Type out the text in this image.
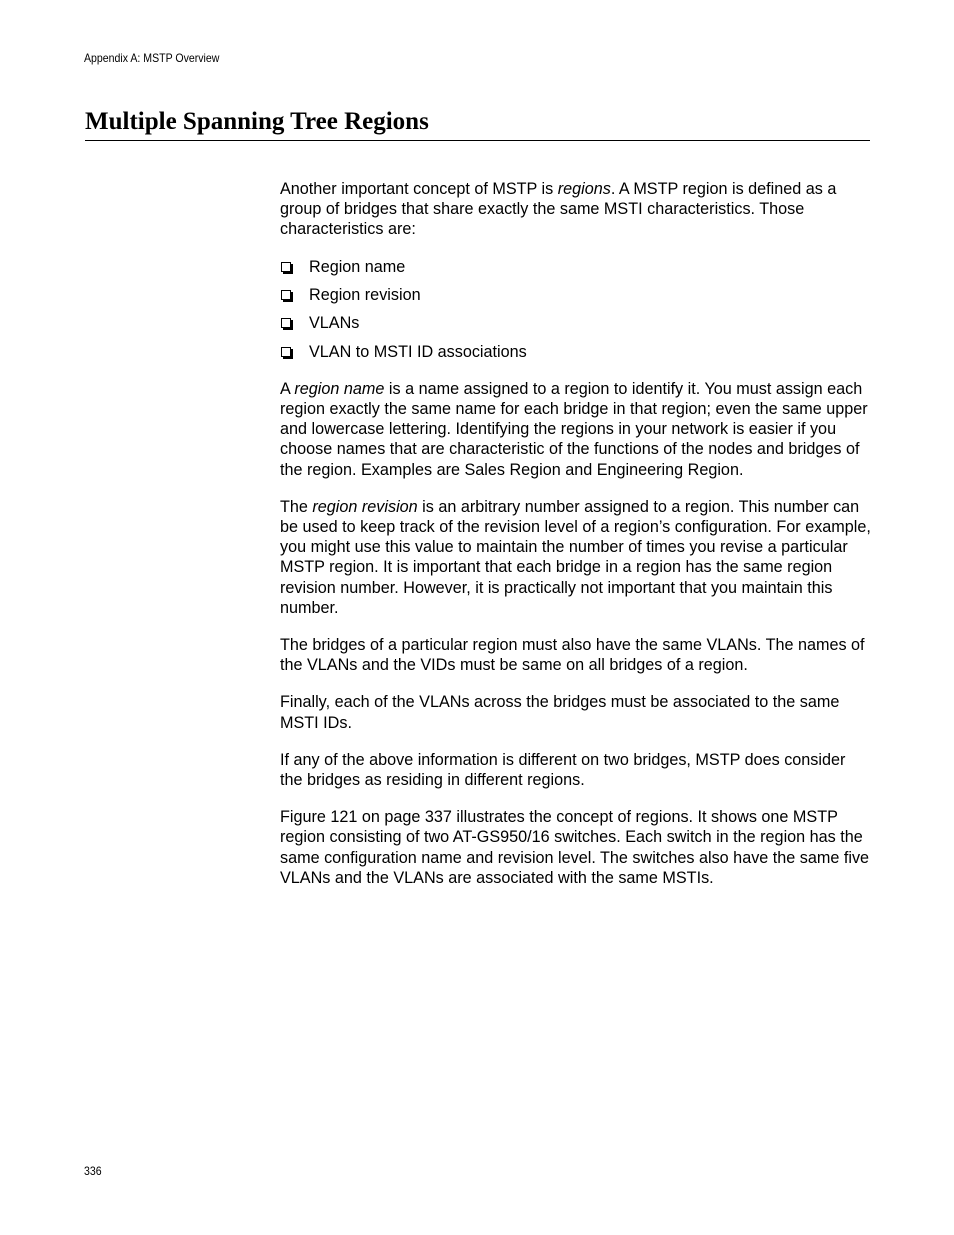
Appendix A: MSTP Overview
Multiple Spanning Tree Regions

Another important concept of MSTP is regions. A MSTP region is defined as a group of bridges that share exactly the same MSTI characteristics. Those characteristics are:

Region name
Region revision
VLANs
VLAN to MSTI ID associations

A region name is a name assigned to a region to identify it. You must assign each region exactly the same name for each bridge in that region; even the same upper and lowercase lettering. Identifying the regions in your network is easier if you choose names that are characteristic of the functions of the nodes and bridges of the region. Examples are Sales Region and Engineering Region.

The region revision is an arbitrary number assigned to a region. This number can be used to keep track of the revision level of a region’s configuration. For example, you might use this value to maintain the number of times you revise a particular MSTP region. It is important that each bridge in a region has the same region revision number. However, it is practically not important that you maintain this number.

The bridges of a particular region must also have the same VLANs. The names of the VLANs and the VIDs must be same on all bridges of a region.

Finally, each of the VLANs across the bridges must be associated to the same MSTI IDs.

If any of the above information is different on two bridges, MSTP does consider the bridges as residing in different regions.

Figure 121 on page 337 illustrates the concept of regions. It shows one MSTP region consisting of two AT-GS950/16 switches. Each switch in the region has the same configuration name and revision level. The switches also have the same five VLANs and the VLANs are associated with the same MSTIs.

336
